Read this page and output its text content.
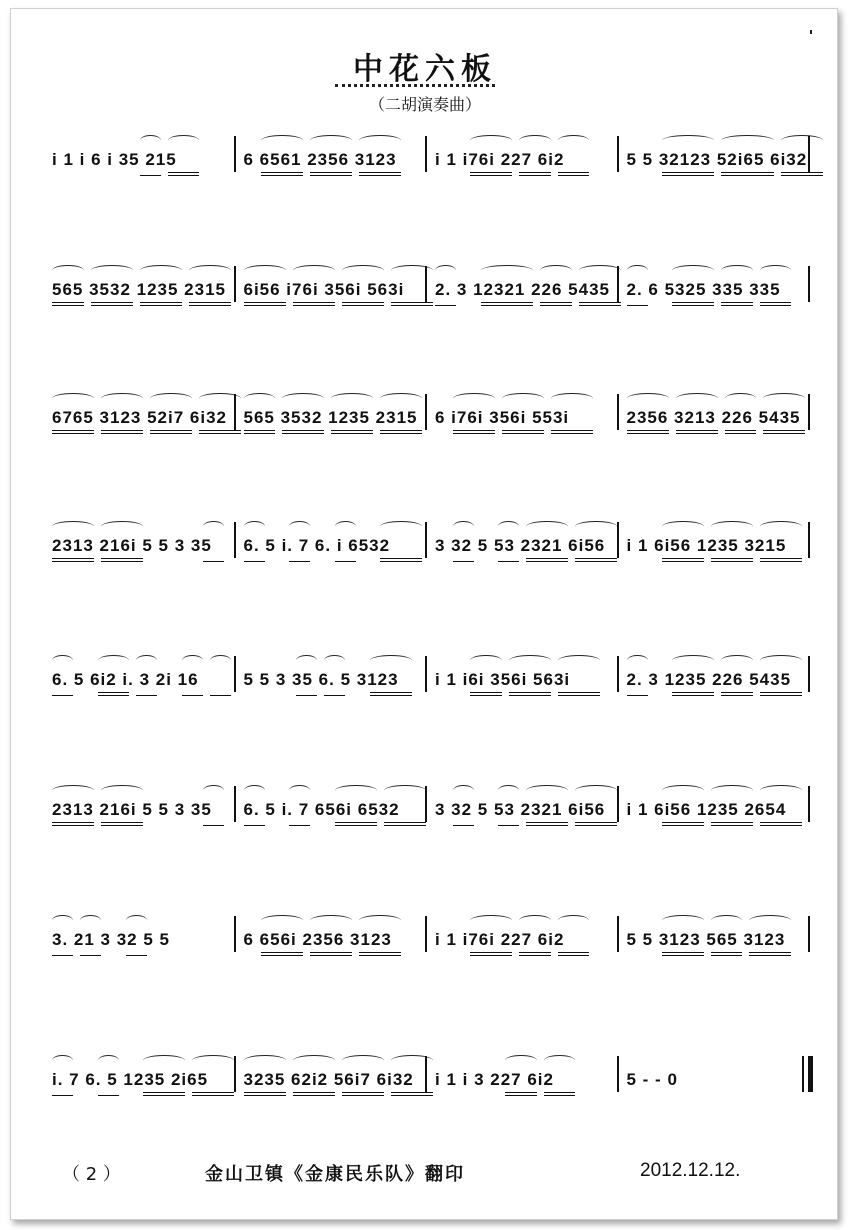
中花六板
（二胡演奏曲）
i 1 i 6 i 35 215	6 6561 2356 3123 i 1 i76i 227 6i2	5 5 32123 52i65 6i32
565 3532 1235 2315 6i56 i76i 356i 563i 2. 3 12321 226 5435 2. 6 5325 335 335
6765 3123 52i7 6i32 565 3532 1235 2315 6 i76i 356i 553i	2356 3213 226 5435
2313 216i 5 5 3 35 6. 5 i. 7 6. i 6532	3 32 5 53 2321 6i56 i 1 6i56 1235 3215
6. 5 6i2 i. 3 2i 16	5 5 3 35 6. 5 3123 i 1 i6i 356i 563i	2. 3 1235 226 5435
2313 216i 5 5 3 35 6. 5 i. 7 656i 6532 3 32 5 53 2321 6i56 i 1 6i56 1235 2654
3. 21 3 32 5 5	6 656i 2356 3123	i 1 i76i 227 6i2	5 5 3123 565 3123
i. 7 6. 5 1235 2i65 3235 62i2 56i7 6i32 i 1 i 3 227 6i2	5 - - 0
（ 2 ）	金山卫镇《金康民乐队》翻印	2012.12.12.
